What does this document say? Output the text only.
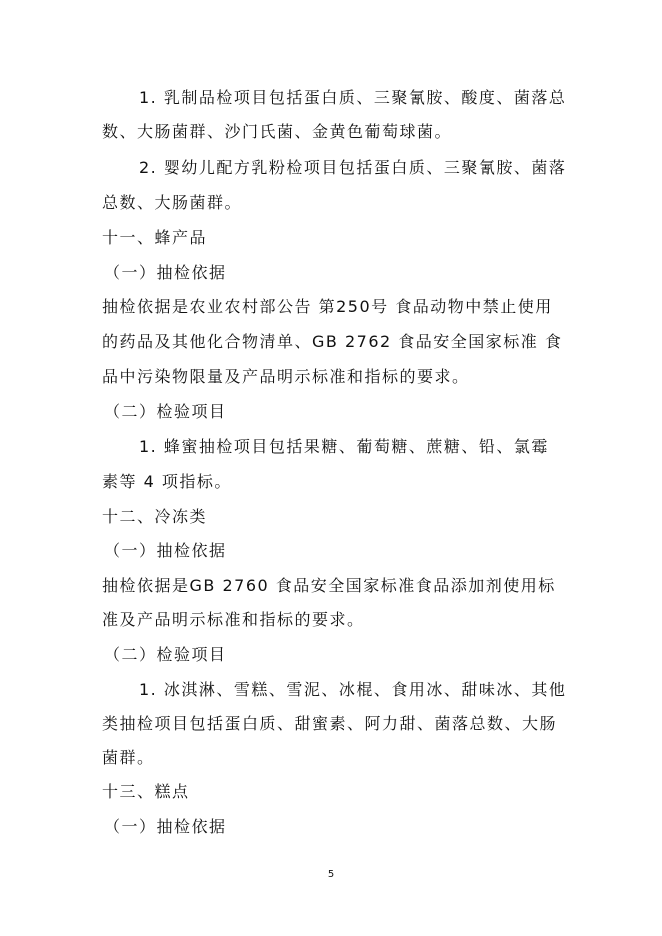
1. 乳制品检项目包括蛋白质、三聚氰胺、酸度、菌落总
数、大肠菌群、沙门氏菌、金黄色葡萄球菌。
2. 婴幼儿配方乳粉检项目包括蛋白质、三聚氰胺、菌落
总数、大肠菌群。
十一、蜂产品
（一）抽检依据
抽检依据是农业农村部公告 第250号 食品动物中禁止使用
的药品及其他化合物清单、GB 2762 食品安全国家标准 食
品中污染物限量及产品明示标准和指标的要求。
（二）检验项目
1. 蜂蜜抽检项目包括果糖、葡萄糖、蔗糖、铅、氯霉
素等 4 项指标。
十二、冷冻类
（一）抽检依据
抽检依据是GB 2760 食品安全国家标准食品添加剂使用标
准及产品明示标准和指标的要求。
（二）检验项目
1. 冰淇淋、雪糕、雪泥、冰棍、食用冰、甜味冰、其他
类抽检项目包括蛋白质、甜蜜素、阿力甜、菌落总数、大肠
菌群。
十三、糕点
（一）抽检依据
5
